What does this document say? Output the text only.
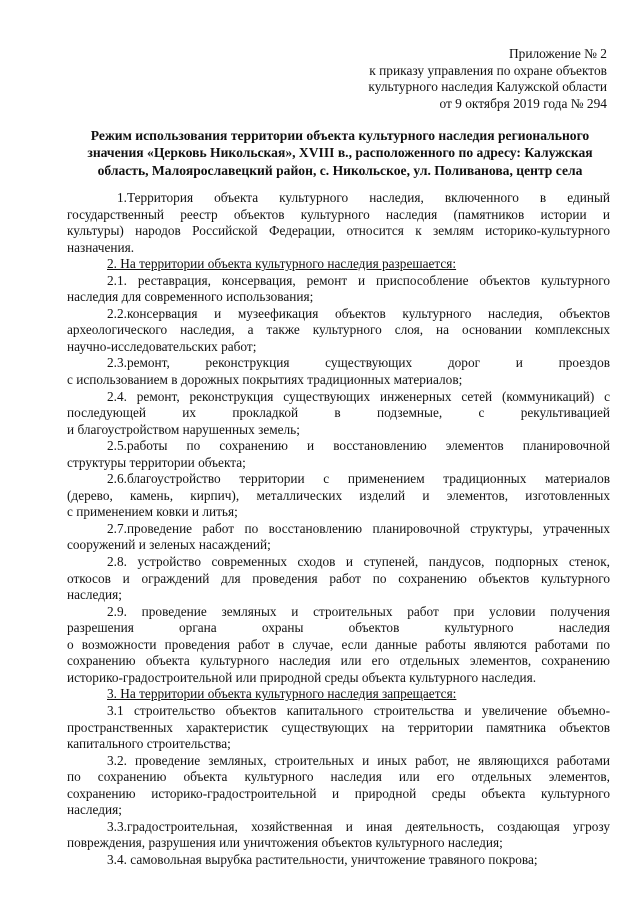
Приложение № 2
к приказу управления по охране объектов
культурного наследия Калужской области
от 9 октября 2019 года № 294
Режим использования территории объекта культурного наследия регионального
значения «Церковь Никольская», XVIII в., расположенного по адресу: Калужская
область, Малоярославецкий район, с. Никольское, ул. Поливанова, центр села
1.Территория объекта культурного наследия, включенного в единый
государственный реестр объектов культурного наследия (памятников истории и
культуры) народов Российской Федерации, относится к землям историко-культурного
назначения.
2. На территории объекта культурного наследия разрешается:
2.1. реставрация, консервация, ремонт и приспособление объектов культурного
наследия для современного использования;
2.2.консервация и музеефикация объектов культурного наследия, объектов
археологического наследия, а также культурного слоя, на основании комплексных
научно-исследовательских работ;
2.3.ремонт, реконструкция существующих дорог и проездов
с использованием в дорожных покрытиях традиционных материалов;
2.4. ремонт, реконструкция существующих инженерных сетей (коммуникаций) с
последующей их прокладкой в подземные, с рекультивацией
и благоустройством нарушенных земель;
2.5.работы по сохранению и восстановлению элементов планировочной
структуры территории объекта;
2.6.благоустройство территории с применением традиционных материалов
(дерево, камень, кирпич), металлических изделий и элементов, изготовленных
с применением ковки и литья;
2.7.проведение работ по восстановлению планировочной структуры, утраченных
сооружений и зеленых насаждений;
2.8. устройство современных сходов и ступеней, пандусов, подпорных стенок,
откосов и ограждений для проведения работ по сохранению объектов культурного
наследия;
2.9. проведение земляных и строительных работ при условии получения
разрешения органа охраны объектов культурного наследия
о возможности проведения работ в случае, если данные работы являются работами по
сохранению объекта культурного наследия или его отдельных элементов, сохранению
историко-градостроительной или природной среды объекта культурного наследия.
3. На территории объекта культурного наследия запрещается:
3.1 строительство объектов капитального строительства и увеличение объемно-
пространственных характеристик существующих на территории памятника объектов
капитального строительства;
3.2. проведение земляных, строительных и иных работ, не являющихся работами
по сохранению объекта культурного наследия или его отдельных элементов,
сохранению историко-градостроительной и природной среды объекта культурного
наследия;
3.3.градостроительная, хозяйственная и иная деятельность, создающая угрозу
повреждения, разрушения или уничтожения объектов культурного наследия;
3.4. самовольная вырубка растительности, уничтожение травяного покрова;
